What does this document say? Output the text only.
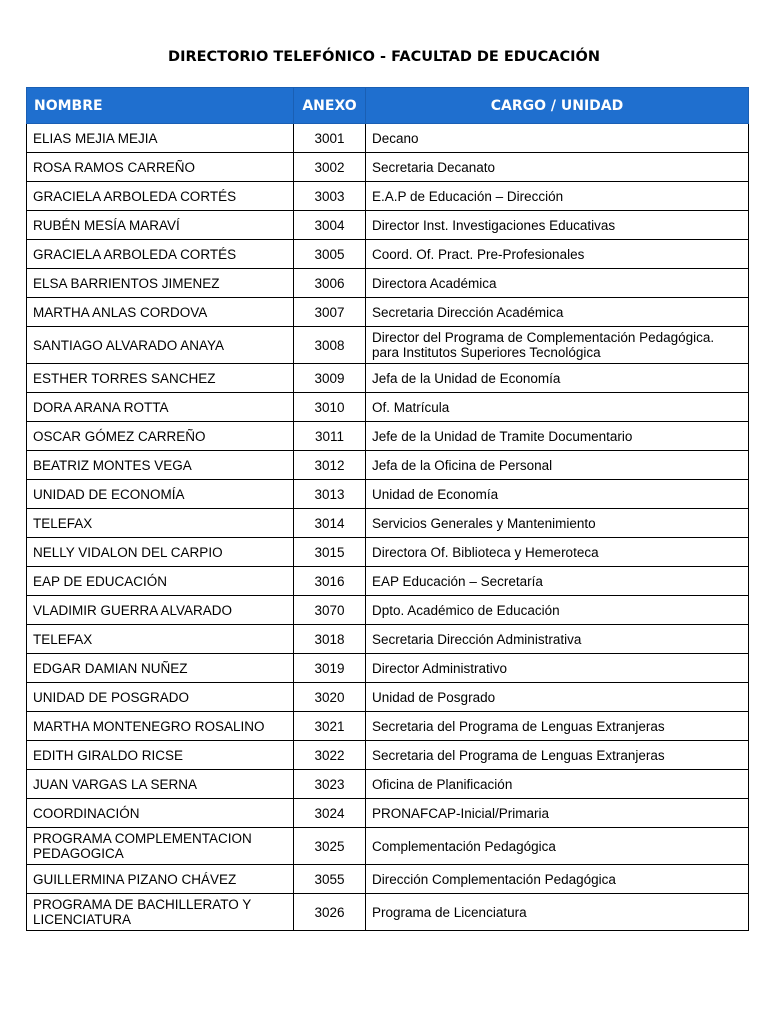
DIRECTORIO TELEFÓNICO - FACULTAD DE EDUCACIÓN
NOMBRE	ANEXO	CARGO / UNIDAD
ELIAS MEJIA MEJIA	3001	Decano
ROSA RAMOS CARREÑO	3002	Secretaria Decanato
GRACIELA ARBOLEDA CORTÉS	3003	E.A.P de Educación – Dirección
RUBÉN MESÍA MARAVÍ	3004	Director Inst. Investigaciones Educativas
GRACIELA ARBOLEDA CORTÉS	3005	Coord. Of. Pract. Pre-Profesionales
ELSA BARRIENTOS JIMENEZ	3006	Directora Académica
MARTHA ANLAS CORDOVA	3007	Secretaria Dirección Académica
SANTIAGO ALVARADO ANAYA	3008	Director del Programa de Complementación Pedagógica. para Institutos Superiores Tecnológica
ESTHER TORRES SANCHEZ	3009	Jefa de la Unidad de Economía
DORA ARANA ROTTA	3010	Of. Matrícula
OSCAR GÓMEZ CARREÑO	3011	Jefe de la Unidad de Tramite Documentario
BEATRIZ MONTES VEGA	3012	Jefa de la Oficina de Personal
UNIDAD DE ECONOMÍA	3013	Unidad de Economía
TELEFAX	3014	Servicios Generales y Mantenimiento
NELLY VIDALON DEL CARPIO	3015	Directora Of. Biblioteca y Hemeroteca
EAP DE EDUCACIÓN	3016	EAP Educación – Secretaría
VLADIMIR GUERRA ALVARADO	3070	Dpto. Académico de Educación
TELEFAX	3018	Secretaria Dirección Administrativa
EDGAR DAMIAN NUÑEZ	3019	Director Administrativo
UNIDAD DE POSGRADO	3020	Unidad de Posgrado
MARTHA MONTENEGRO ROSALINO	3021	Secretaria del Programa de Lenguas Extranjeras
EDITH GIRALDO RICSE	3022	Secretaria del Programa de Lenguas Extranjeras
JUAN VARGAS LA SERNA	3023	Oficina de Planificación
COORDINACIÓN	3024	PRONAFCAP-Inicial/Primaria
PROGRAMA COMPLEMENTACION PEDAGOGICA	3025	Complementación Pedagógica
GUILLERMINA PIZANO CHÁVEZ	3055	Dirección Complementación Pedagógica
PROGRAMA DE BACHILLERATO Y LICENCIATURA	3026	Programa de Licenciatura
